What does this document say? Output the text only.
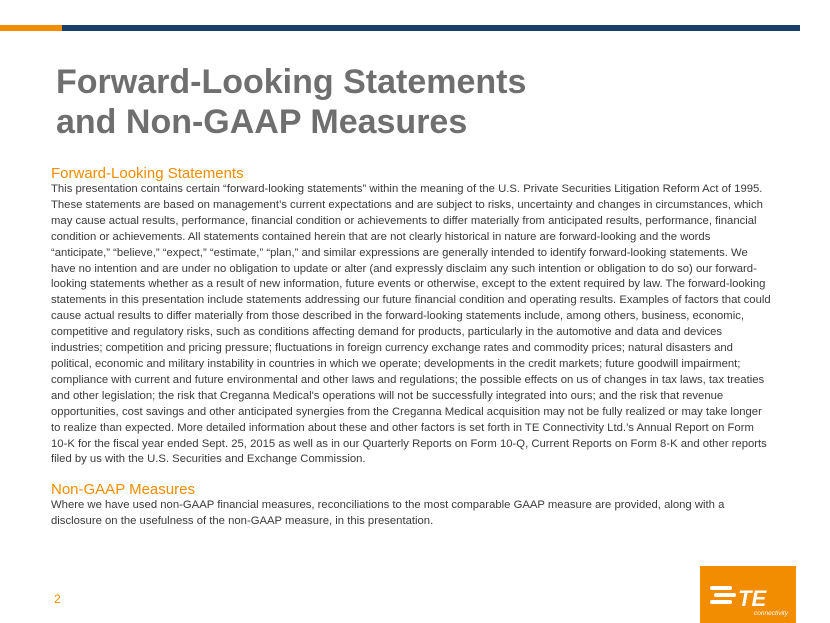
Forward-Looking Statements
and Non-GAAP Measures
Forward-Looking Statements

This presentation contains certain “forward-looking statements” within the meaning of the U.S. Private Securities Litigation Reform Act of 1995. These statements are based on management’s current expectations and are subject to risks, uncertainty and changes in circumstances, which may cause actual results, performance, financial condition or achievements to differ materially from anticipated results, performance, financial condition or achievements. All statements contained herein that are not clearly historical in nature are forward-looking and the words “anticipate,” “believe,” “expect,” “estimate,” “plan,” and similar expressions are generally intended to identify forward-looking statements. We have no intention and are under no obligation to update or alter (and expressly disclaim any such intention or obligation to do so) our forward-looking statements whether as a result of new information, future events or otherwise, except to the extent required by law. The forward-looking statements in this presentation include statements addressing our future financial condition and operating results. Examples of factors that could cause actual results to differ materially from those described in the forward-looking statements include, among others, business, economic, competitive and regulatory risks, such as conditions affecting demand for products, particularly in the automotive and data and devices industries; competition and pricing pressure; fluctuations in foreign currency exchange rates and commodity prices; natural disasters and political, economic and military instability in countries in which we operate; developments in the credit markets; future goodwill impairment; compliance with current and future environmental and other laws and regulations; the possible effects on us of changes in tax laws, tax treaties and other legislation; the risk that Creganna Medical's operations will not be successfully integrated into ours; and the risk that revenue opportunities, cost savings and other anticipated synergies from the Creganna Medical acquisition may not be fully realized or may take longer to realize than expected. More detailed information about these and other factors is set forth in TE Connectivity Ltd.’s Annual Report on Form 10-K for the fiscal year ended Sept. 25, 2015 as well as in our Quarterly Reports on Form 10-Q, Current Reports on Form 8-K and other reports filed by us with the U.S. Securities and Exchange Commission.

Non-GAAP Measures

Where we have used non-GAAP financial measures, reconciliations to the most comparable GAAP measure are provided, along with a disclosure on the usefulness of the non-GAAP measure, in this presentation.

2	TE
connectivity
